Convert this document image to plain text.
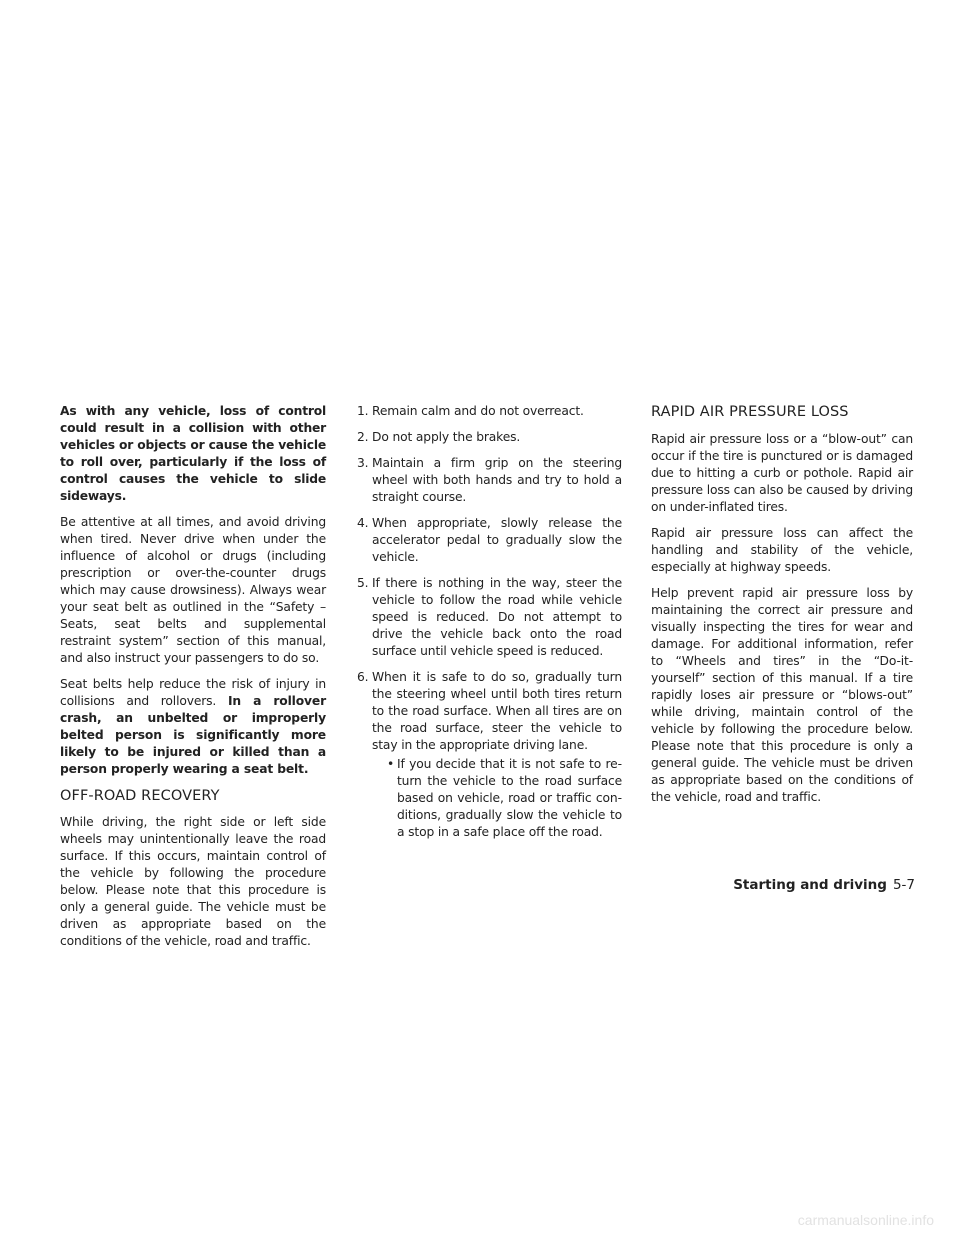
As with any vehicle, loss of control could result in a collision with other vehicles or objects or cause the vehicle to roll over, particularly if the loss of control causes the vehicle to slide sideways.

Be attentive at all times, and avoid driving when tired. Never drive when under the influence of alcohol or drugs (including prescription or over-the-counter drugs which may cause drowsiness). Always wear your seat belt as outlined in the “Safety – Seats, seat belts and supplemental restraint system” section of this manual, and also instruct your passengers to do so.

Seat belts help reduce the risk of injury in collisions and rollovers. In a rollover crash, an unbelted or improperly belted person is significantly more likely to be injured or killed than a person properly wearing a seat belt.

OFF-ROAD RECOVERY

While driving, the right side or left side wheels may unintentionally leave the road surface. If this occurs, maintain control of the vehicle by following the procedure below. Please note that this procedure is only a general guide. The vehicle must be driven as appropriate based on the conditions of the vehicle, road and traffic.

1. Remain calm and do not overreact.
2. Do not apply the brakes.
3. Maintain a firm grip on the steering wheel with both hands and try to hold a straight course.
4. When appropriate, slowly release the accelerator pedal to gradually slow the vehicle.
5. If there is nothing in the way, steer the vehicle to follow the road while vehicle speed is reduced. Do not attempt to drive the vehicle back onto the road surface until vehicle speed is reduced.
6. When it is safe to do so, gradually turn the steering wheel until both tires return to the road surface. When all tires are on the road surface, steer the vehicle to stay in the appropriate driving lane.
• If you decide that it is not safe to return the vehicle to the road surface based on vehicle, road or traffic conditions, gradually slow the vehicle to a stop in a safe place off the road.
RAPID AIR PRESSURE LOSS

Rapid air pressure loss or a “blow-out” can occur if the tire is punctured or is damaged due to hitting a curb or pothole. Rapid air pressure loss can also be caused by driving on under-inflated tires.

Rapid air pressure loss can affect the handling and stability of the vehicle, especially at highway speeds.

Help prevent rapid air pressure loss by maintaining the correct air pressure and visually inspecting the tires for wear and damage. For additional information, refer to “Wheels and tires” in the “Do-it-yourself” section of this manual. If a tire rapidly loses air pressure or “blows-out” while driving, maintain control of the vehicle by following the procedure below. Please note that this procedure is only a general guide. The vehicle must be driven as appropriate based on the conditions of the vehicle, road and traffic.

Starting and driving 5-7
carmanualsonline.info
